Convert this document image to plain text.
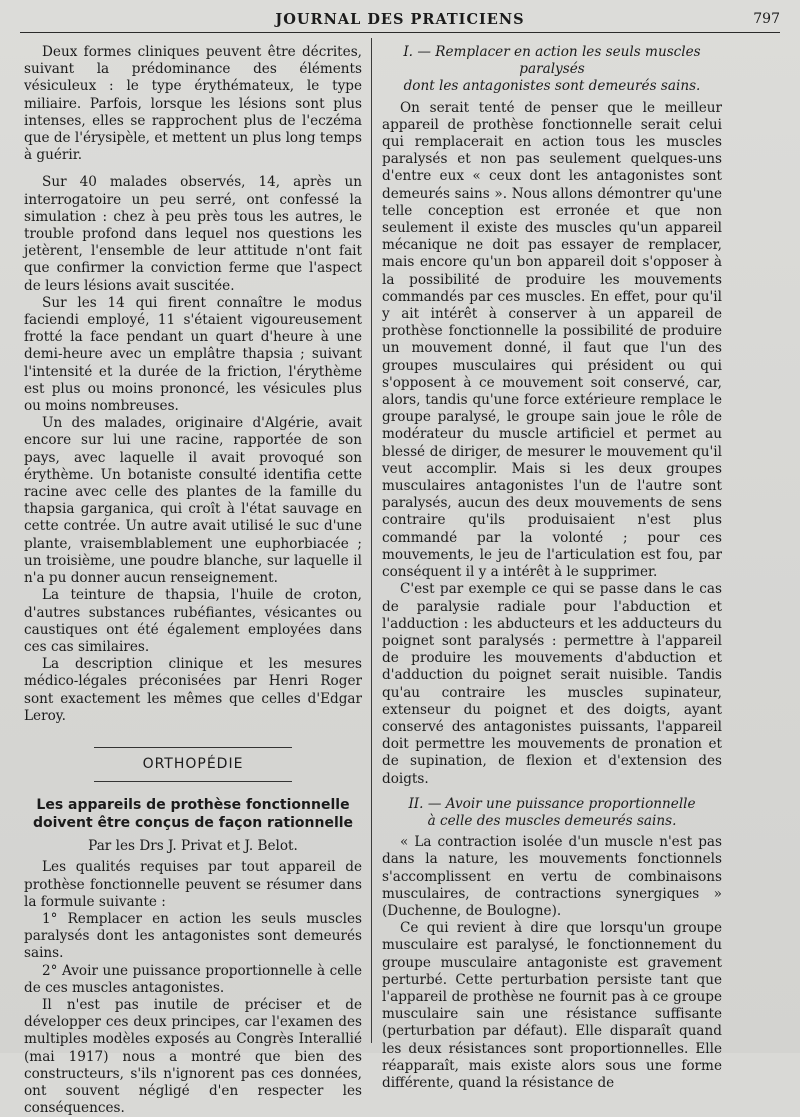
JOURNAL DES PRATICIENS	797

Deux formes cliniques peuvent être décrites, suivant la prédominance des éléments vésiculeux : le type érythémateux, le type miliaire. Parfois, lorsque les lésions sont plus intenses, elles se rapprochent plus de l'eczéma que de l'érysipèle, et mettent un plus long temps à guérir.

Sur 40 malades observés, 14, après un interrogatoire un peu serré, ont confessé la simulation : chez à peu près tous les autres, le trouble profond dans lequel nos questions les jetèrent, l'ensemble de leur attitude n'ont fait que confirmer la conviction ferme que l'aspect de leurs lésions avait suscitée.

Sur les 14 qui firent connaître le modus faciendi employé, 11 s'étaient vigoureusement frotté la face pendant un quart d'heure à une demi-heure avec un emplâtre thapsia ; suivant l'intensité et la durée de la friction, l'érythème est plus ou moins prononcé, les vésicules plus ou moins nombreuses.

Un des malades, originaire d'Algérie, avait encore sur lui une racine, rapportée de son pays, avec laquelle il avait provoqué son érythème. Un botaniste consulté identifia cette racine avec celle des plantes de la famille du thapsia garganica, qui croît à l'état sauvage en cette contrée. Un autre avait utilisé le suc d'une plante, vraisemblablement une euphorbiacée ; un troisième, une poudre blanche, sur laquelle il n'a pu donner aucun renseignement.

La teinture de thapsia, l'huile de croton, d'autres substances rubéfiantes, vésicantes ou caustiques ont été également employées dans ces cas similaires.

La description clinique et les mesures médico-légales préconisées par Henri Roger sont exactement les mêmes que celles d'Edgar Leroy.

ORTHOPÉDIE
Les appareils de prothèse fonctionnelle doivent être conçus de façon rationnelle
Par les Drs J. Privat et J. Belot.

Les qualités requises par tout appareil de prothèse fonctionnelle peuvent se résumer dans la formule suivante :

1° Remplacer en action les seuls muscles paralysés dont les antagonistes sont demeurés sains.

2° Avoir une puissance proportionnelle à celle de ces muscles antagonistes.

Il n'est pas inutile de préciser et de développer ces deux principes, car l'examen des multiples modèles exposés au Congrès Interallié (mai 1917) nous a montré que bien des constructeurs, s'ils n'ignorent pas ces données, ont souvent négligé d'en respecter les conséquences.

I. — Remplacer en action les seuls muscles paralysés
dont les antagonistes sont demeurés sains.

On serait tenté de penser que le meilleur appareil de prothèse fonctionnelle serait celui qui remplacerait en action tous les muscles paralysés et non pas seulement quelques-uns d'entre eux « ceux dont les antagonistes sont demeurés sains ». Nous allons démontrer qu'une telle conception est erronée et que non seulement il existe des muscles qu'un appareil mécanique ne doit pas essayer de remplacer, mais encore qu'un bon appareil doit s'opposer à la possibilité de produire les mouvements commandés par ces muscles. En effet, pour qu'il y ait intérêt à conserver à un appareil de prothèse fonctionnelle la possibilité de produire un mouvement donné, il faut que l'un des groupes musculaires qui président ou qui s'opposent à ce mouvement soit conservé, car, alors, tandis qu'une force extérieure remplace le groupe paralysé, le groupe sain joue le rôle de modérateur du muscle artificiel et permet au blessé de diriger, de mesurer le mouvement qu'il veut accomplir. Mais si les deux groupes musculaires antagonistes l'un de l'autre sont paralysés, aucun des deux mouvements de sens contraire qu'ils produisaient n'est plus commandé par la volonté ; pour ces mouvements, le jeu de l'articulation est fou, par conséquent il y a intérêt à le supprimer.

C'est par exemple ce qui se passe dans le cas de paralysie radiale pour l'abduction et l'adduction : les abducteurs et les adducteurs du poignet sont paralysés : permettre à l'appareil de produire les mouvements d'abduction et d'adduction du poignet serait nuisible. Tandis qu'au contraire les muscles supinateur, extenseur du poignet et des doigts, ayant conservé des antagonistes puissants, l'appareil doit permettre les mouvements de pronation et de supination, de flexion et d'extension des doigts.

II. — Avoir une puissance proportionnelle
à celle des muscles demeurés sains.

« La contraction isolée d'un muscle n'est pas dans la nature, les mouvements fonctionnels s'accomplissent en vertu de combinaisons musculaires, de contractions synergiques » (Duchenne, de Boulogne).

Ce qui revient à dire que lorsqu'un groupe musculaire est paralysé, le fonctionnement du groupe musculaire antagoniste est gravement perturbé. Cette perturbation persiste tant que l'appareil de prothèse ne fournit pas à ce groupe musculaire sain une résistance suffisante (perturbation par défaut). Elle disparaît quand les deux résistances sont proportionnelles. Elle réapparaît, mais existe alors sous une forme différente, quand la résistance de
